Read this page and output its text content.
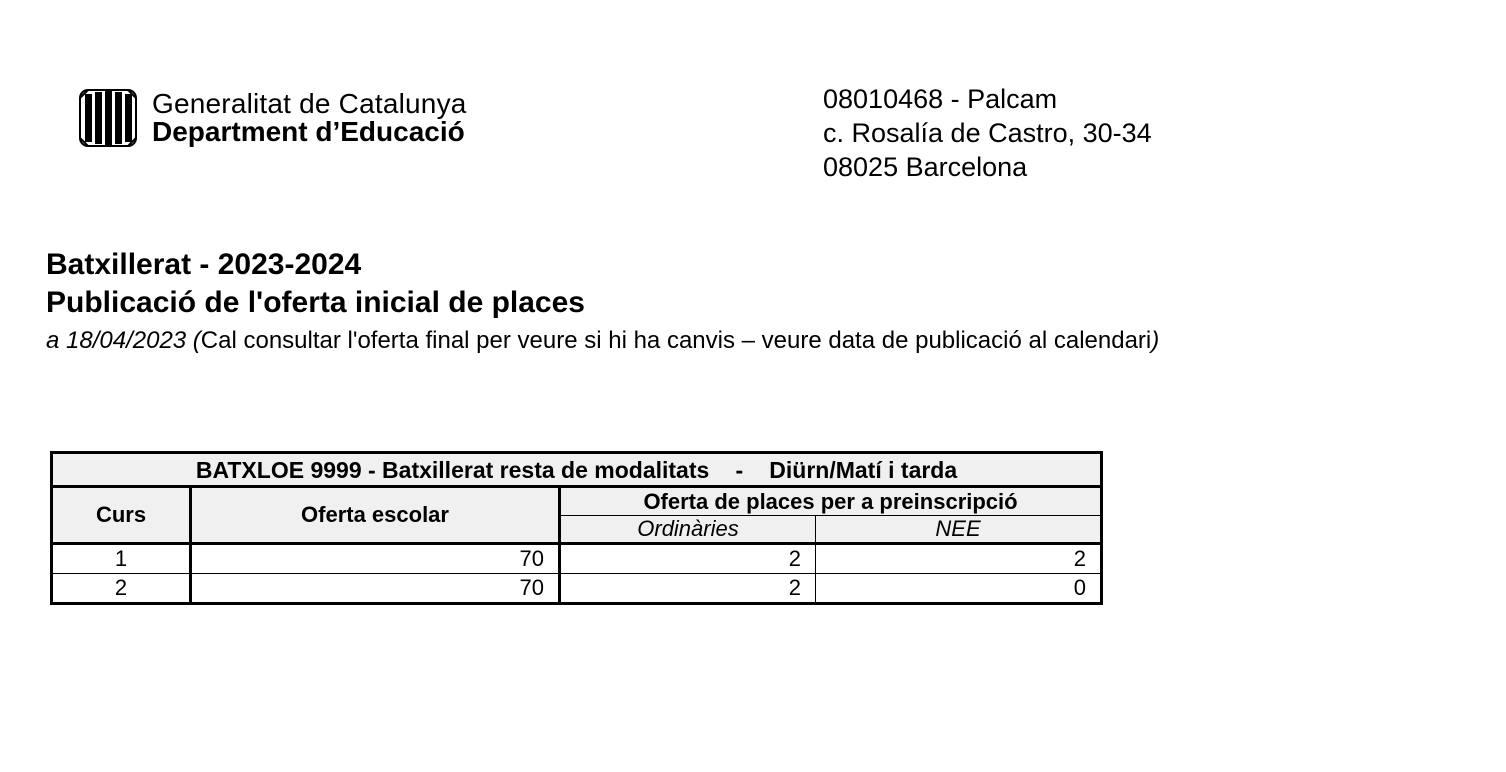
Generalitat de Catalunya
Department d’Educació
08010468 - Palcam
c. Rosalía de Castro, 30-34
08025 Barcelona
Batxillerat - 2023-2024
Publicació de l'oferta inicial de places
a 18/04/2023 (Cal consultar l'oferta final per veure si hi ha canvis – veure data de publicació al calendari)
BATXLOE 9999 - Batxillerat resta de modalitats - Diürn/Matí i tarda			
Curs	Oferta escolar	Oferta de places per a preinscripció	
		Ordinàries	NEE
1	70	2	2
2	70	2	0
